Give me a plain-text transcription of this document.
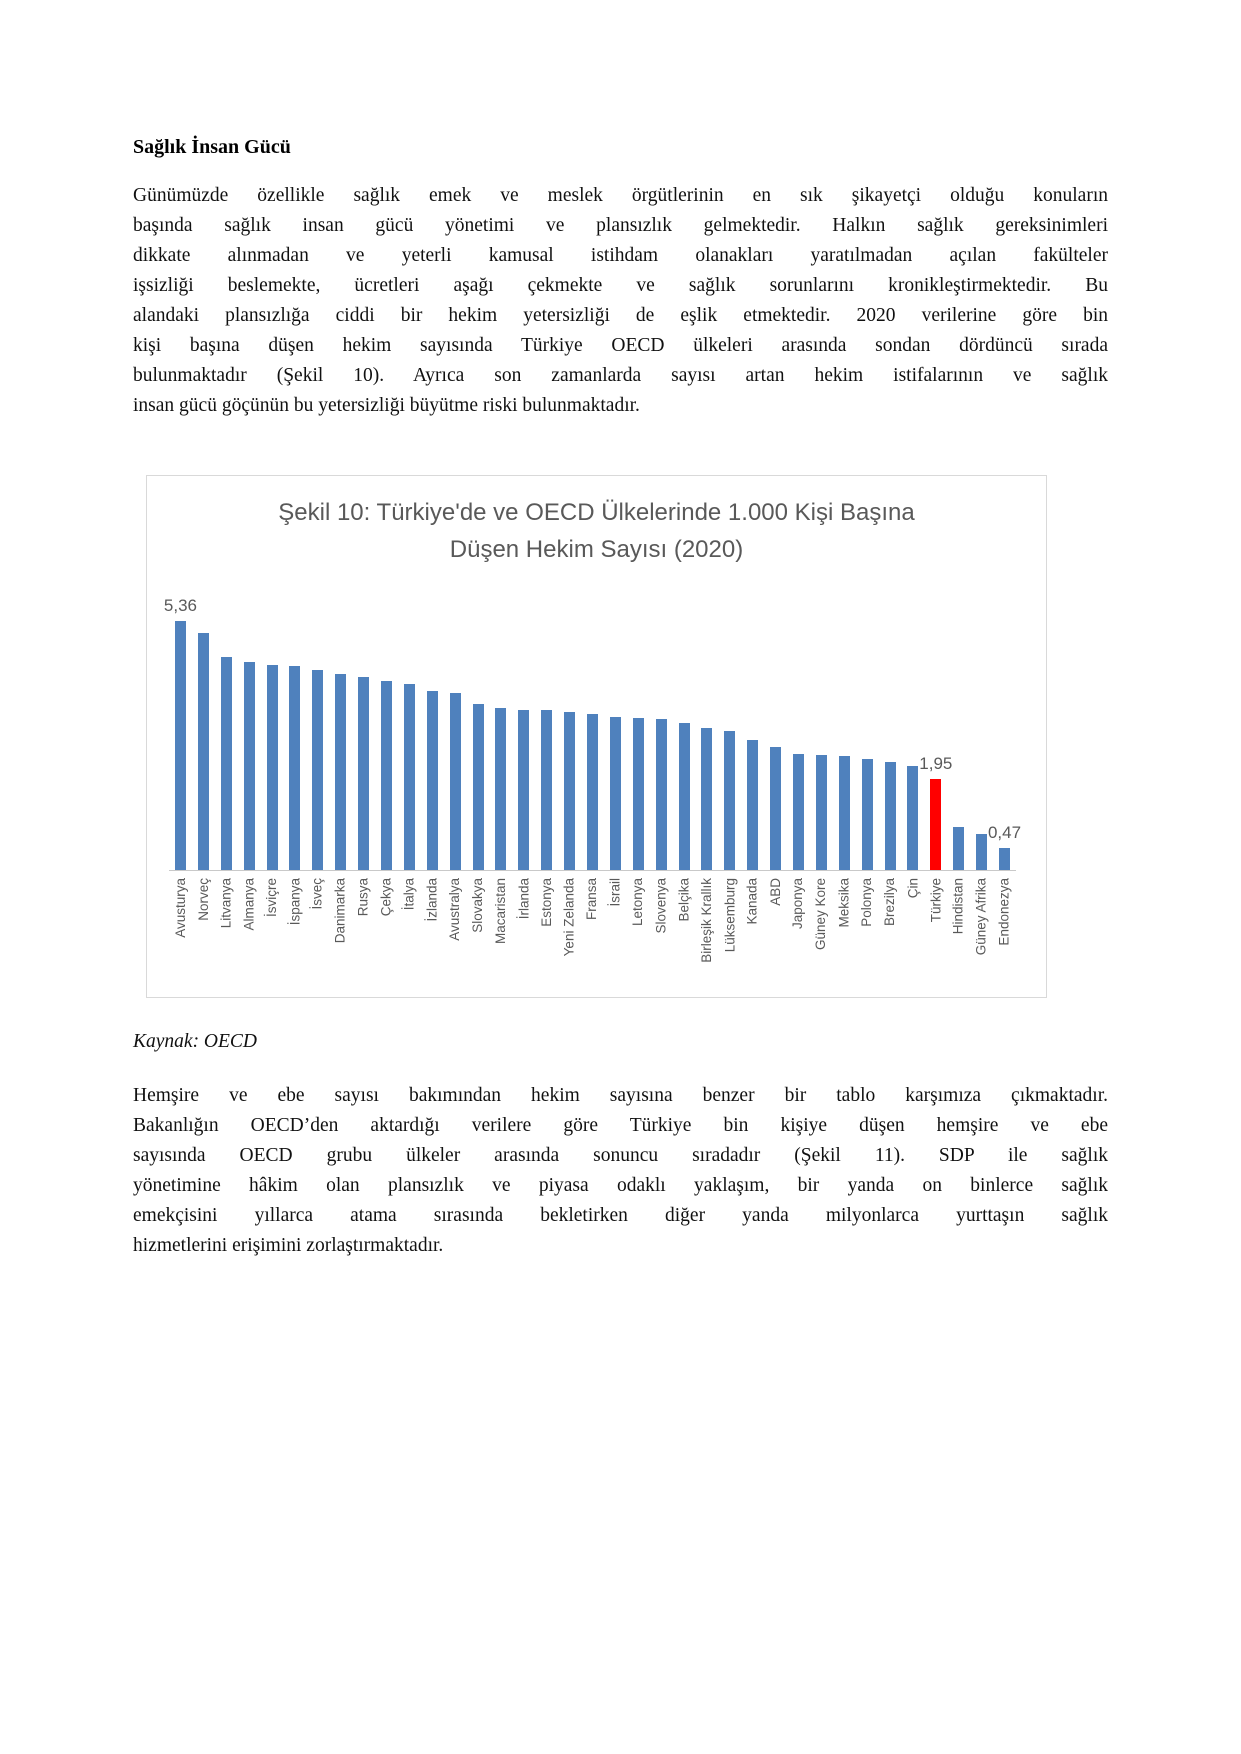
Sağlık İnsan Gücü
Günümüzde özellikle sağlık emek ve meslek örgütlerinin en sık şikayetçi olduğu konuların
başında sağlık insan gücü yönetimi ve plansızlık gelmektedir. Halkın sağlık gereksinimleri
dikkate alınmadan ve yeterli kamusal istihdam olanakları yaratılmadan açılan fakülteler
işsizliği beslemekte, ücretleri aşağı çekmekte ve sağlık sorunlarını kronikleştirmektedir. Bu
alandaki plansızlığa ciddi bir hekim yetersizliği de eşlik etmektedir. 2020 verilerine göre bin
kişi başına düşen hekim sayısında Türkiye OECD ülkeleri arasında sondan dördüncü sırada
bulunmaktadır (Şekil 10). Ayrıca son zamanlarda sayısı artan hekim istifalarının ve sağlık
insan gücü göçünün bu yetersizliği büyütme riski bulunmaktadır.
Şekil 10: Türkiye'de ve OECD Ülkelerinde 1.000 Kişi Başına
Düşen Hekim Sayısı (2020)
5,36
1,95
0,47
Avusturya Norveç Litvanya Almanya İsviçre İspanya İsveç Danimarka Rusya Çekya İtalya İzlanda Avustralya Slovakya Macaristan İrlanda Estonya Yeni Zelanda Fransa İsrail Letonya Slovenya Belçika Birleşik Krallık Lüksemburg Kanada ABD Japonya Güney Kore Meksika Polonya Brezilya Çin Türkiye Hindistan Güney Afrika Endonezya
Kaynak: OECD
Hemşire ve ebe sayısı bakımından hekim sayısına benzer bir tablo karşımıza çıkmaktadır.
Bakanlığın OECD’den aktardığı verilere göre Türkiye bin kişiye düşen hemşire ve ebe
sayısında OECD grubu ülkeler arasında sonuncu sıradadır (Şekil 11). SDP ile sağlık
yönetimine hâkim olan plansızlık ve piyasa odaklı yaklaşım, bir yanda on binlerce sağlık
emekçisini yıllarca atama sırasında bekletirken diğer yanda milyonlarca yurttaşın sağlık
hizmetlerini erişimini zorlaştırmaktadır.
